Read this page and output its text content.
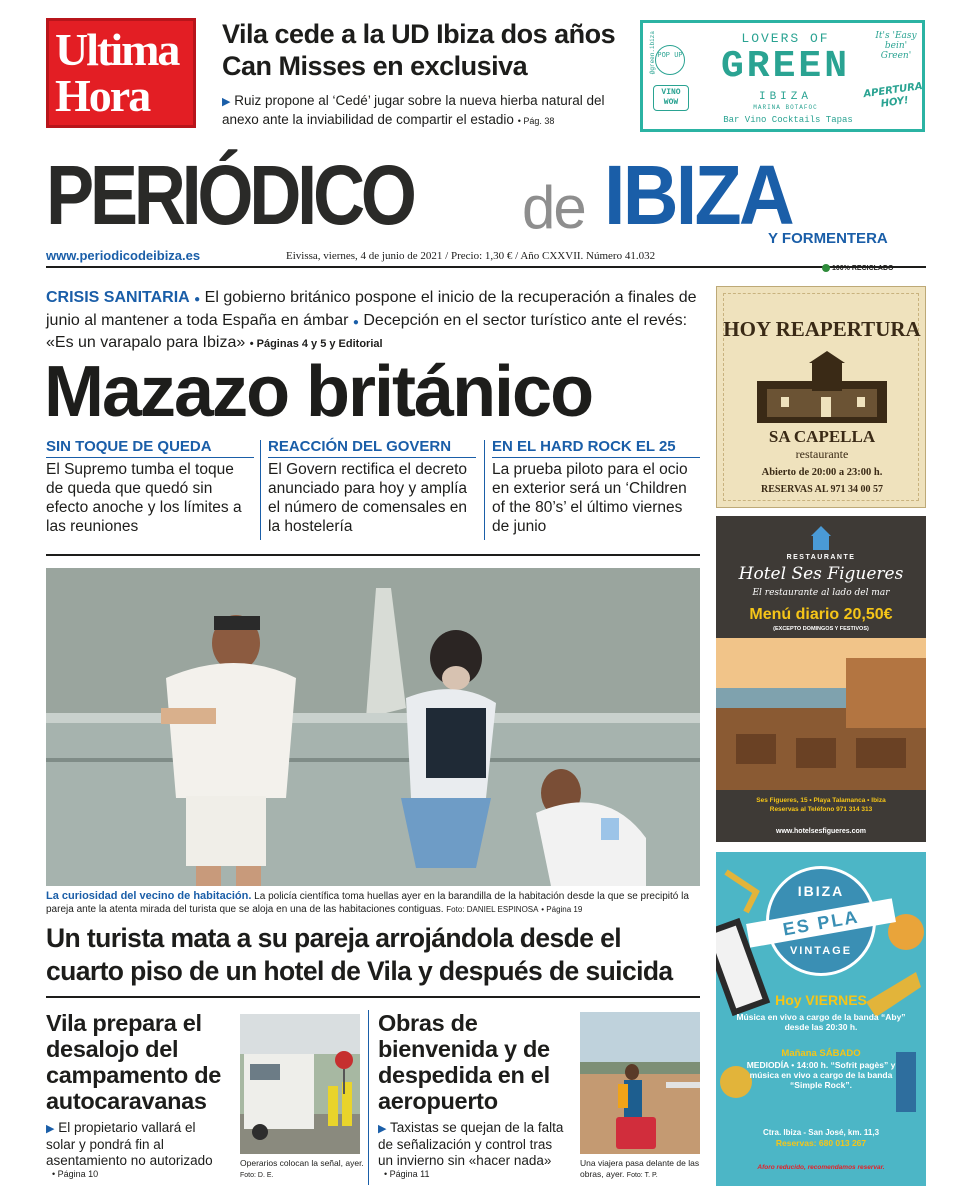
Ultima
Hora
Vila cede a la UD Ibiza dos años Can Misses en exclusiva
▶ Ruiz propone al ‘Cedé’ jugar sobre la nueva hierba natural del anexo ante la inviabilidad de compartir el estadio • Pág. 38
@green.ibiza POP UP
LOVERS OF
GREEN
It's 'Easy bein' Green'
VINO WOW	IBIZA
MARINA BOTAFOC
APERTURA HOY!
Bar Vino Cocktails Tapas
PERIÓDICO de IBIZA
Y FORMENTERA
www.periodicodeibiza.es	Eivissa, viernes, 4 de junio de 2021 / Precio: 1,30 € / Año CXXVII. Número 41.032
100% RECICLADO
CRISIS SANITARIA ● El gobierno británico pospone el inicio de la recuperación a finales de junio al mantener a toda España en ámbar ● Decepción en el sector turístico ante el revés: «Es un varapalo para Ibiza» • Páginas 4 y 5 y Editorial
Mazazo británico
SIN TOQUE DE QUEDA
El Supremo tumba el toque de queda que quedó sin efecto anoche y los límites a las reuniones
REACCIÓN DEL GOVERN
El Govern rectifica el decreto anunciado para hoy y amplía el número de comensales en la hostelería
EN EL HARD ROCK EL 25
La prueba piloto para el ocio en exterior será un ‘Children of the 80’s’ el último viernes de junio
La curiosidad del vecino de habitación. La policía científica toma huellas ayer en la barandilla de la habitación desde la que se precipitó la pareja ante la atenta mirada del turista que se aloja en una de las habitaciones contiguas. Foto: DANIEL ESPINOSA • Página 19
Un turista mata a su pareja arrojándola desde el cuarto piso de un hotel de Vila y después de suicida
Vila prepara el desalojo del campamento de autocaravanas
▶ El propietario vallará el solar y pondrá fin al asentamiento no autorizado
• Página 10
Operarios colocan la señal, ayer. Foto: D. E.
Obras de bienvenida y de despedida en el aeropuerto
▶ Taxistas se quejan de la falta de señalización y control tras un invierno sin «hacer nada»
• Página 11
Una viajera pasa delante de las obras, ayer. Foto: T. P.
HOY REAPERTURA
SA CAPELLA
restaurante
Abierto de 20:00 a 23:00 h.
RESERVAS AL 971 34 00 57
RESTAURANTE
Hotel Ses Figueres
El restaurante al lado del mar
Menú diario 20,50€
(EXCEPTO DOMINGOS Y FESTIVOS)
Ses Figueres, 15 • Playa Talamanca • Ibiza
Reservas al Teléfono 971 314 313
www.hotelsesfigueres.com
IBIZA
ES PLA
VINTAGE
Hoy VIERNES
Música en vivo a cargo de la banda “Aby” desde las 20:30 h.
Mañana SÁBADO
MEDIODÍA • 14:00 h. “Sofrit pagès” y música en vivo a cargo de la banda “Simple Rock”.
Ctra. Ibiza - San José, km. 11,3
Reservas: 680 013 267
Aforo reducido, recomendamos reservar.
